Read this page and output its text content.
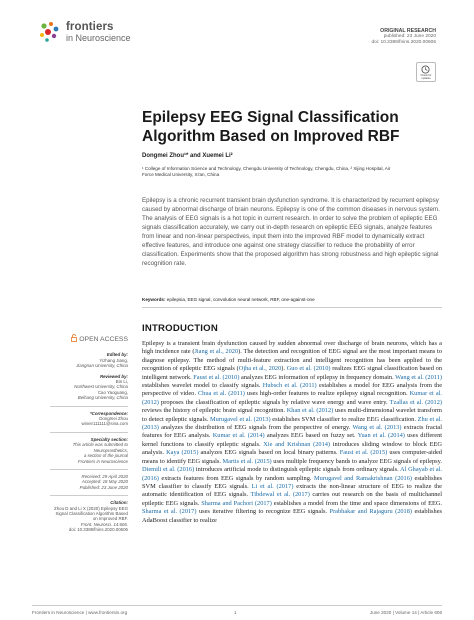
frontiers
in Neuroscience
ORIGINAL RESEARCH
published: 23 June 2020
doi: 10.3389/fnins.2020.00606
Check for
updates
OPEN ACCESS
Edited by:
Yizhang Jiang,
Jiangnan University, China
Reviewed by:
Bin Li,
Northwest University, China
Cao Yaoguang,
Beihang University, China
*Correspondence:
Dongmei Zhou
wineir111111@sina.com
Specialty section:
This article was submitted to
Neuroprosthetics,
a section of the journal
Frontiers in Neuroscience
Received: 29 April 2020
Accepted: 18 May 2020
Published: 23 June 2020
Citation:
Zhou D and Li X (2020) Epilepsy EEG
Signal Classification Algorithm Based
on Improved RBF.
Front. Neurosci. 14:606.
doi: 10.3389/fnins.2020.00606
Epilepsy EEG Signal Classification Algorithm Based on Improved RBF
Dongmei Zhou¹* and Xuemei Li²
¹ College of Information Science and Technology, Chengdu University of Technology, Chengdu, China, ² Xijing Hospital, Air
Force Medical University, Xi'an, China
Epilepsy is a chronic recurrent transient brain dysfunction syndrome. It is characterized by recurrent epilepsy caused by abnormal discharge of brain neurons. Epilepsy is one of the common diseases in nervous system. The analysis of EEG signals is a hot topic in current research. In order to solve the problem of epileptic EEG signals classification accurately, we carry out in-depth research on epileptic EEG signals, analyze features from linear and non-linear perspectives, input them into the improved RBF model to dynamically extract effective features, and introduce one against one strategy classifier to reduce the probability of error classification. Experiments show that the proposed algorithm has strong robustness and high epileptic signal recognition rate.
Keywords: epilepsia, EEG signal, convolution neural network, RBF, one-against-one
INTRODUCTION
Epilepsy is a transient brain dysfunction caused by sudden abnormal over discharge of brain neurons, which has a high incidence rate (Jiang et al., 2020). The detection and recognition of EEG signal are the most important means to diagnose epilepsy. The method of multi-feature extraction and intelligent recognition has been applied to the recognition of epileptic EEG signals (Ojha et al., 2020). Guo et al. (2010) realizes EEG signal classification based on intelligent network. Faust et al. (2010) analyzes EEG information of epilepsy in frequency domain. Wang et al. (2011) establishes wavelet model to classify signals. Hubsch et al. (2011) establishes a model for EEG analysis from the perspective of video. Chua et al. (2011) uses high-order features to realize epilepsy signal recognition. Kumar et al. (2012) proposes the classification of epileptic signals by relative wave energy and wave entry. Tzallas et al. (2012) reviews the history of epileptic brain signal recognition. Khan et al. (2012) uses multi-dimensional wavelet transform to detect epileptic signals. Murugavel et al. (2013) establishes SVM classifier to realize EEG classification. Zhu et al. (2013) analyzes the distribution of EEG signals from the perspective of energy. Wang et al. (2013) extracts fractal features for EEG analysis. Kumar et al. (2014) analyzes EEG based on fuzzy set. Yuan et al. (2014) uses different kernel functions to classify epileptic signals. Xie and Krishnan (2014) introduces sliding window to block EEG analysis. Kaya (2015) analyzes EEG signals based on local binary patterns. Faust et al. (2015) uses computer-aided means to identify EEG signals. Martis et al. (2015) uses multiple frequency bands to analyze EEG signals of epilepsy. Diemili et al. (2016) introduces artificial mode to distinguish epileptic signals from ordinary signals. Al Ghayab et al. (2016) extracts features from EEG signals by random sampling. Murugavel and Ramakrishnan (2016) establishes SVM classifier to classify EEG signals. Li et al. (2017) extracts the non-linear structure of EEG to realize the automatic identification of EEG signals. Tibdewal et al. (2017) carries out research on the basis of multichannel epileptic EEG signals. Sharma and Pachori (2017) establishes a model from the time and space dimensions of EEG. Sharma et al. (2017) uses iterative filtering to recognize EEG signals. Prabhakar and Rajaguru (2018) establishes AdaBoost classifier to realize
Frontiers in Neuroscience | www.frontiersin.org	1	June 2020 | Volume 14 | Article 606
